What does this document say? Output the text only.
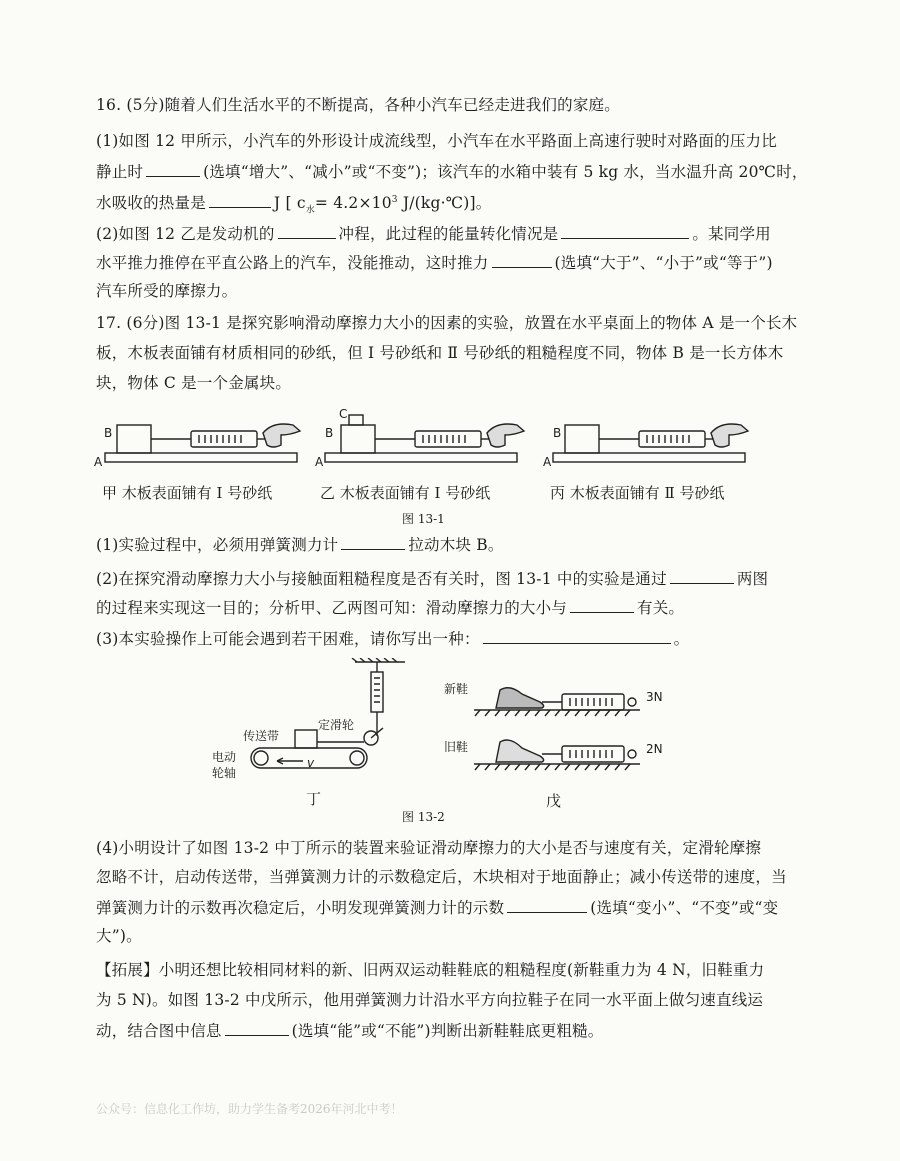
16. (5分)随着人们生活水平的不断提高，各种小汽车已经走进我们的家庭。
(1)如图 12 甲所示，小汽车的外形设计成流线型，小汽车在水平路面上高速行驶时对路面的压力比
静止时	(选填“增大”、“减小”或“不变”)；该汽车的水箱中装有 5 kg 水，当水温升高 20℃时，
水吸收的热量是	J [ $c_水= 4.2\times 10^3$ J/(kg·℃)]。
(2)如图 12 乙是发动机的	冲程，此过程的能量转化情况是	。某同学用
水平推力推停在平直公路上的汽车，没能推动，这时推力	(选填“大于”、“小于”或“等于”)
汽车所受的摩擦力。
17. (6分)图 13-1 是探究影响滑动摩擦力大小的因素的实验，放置在水平桌面上的物体 A 是一个长木
板，木板表面铺有材质相同的砂纸，但 Ⅰ 号砂纸和 Ⅱ 号砂纸的粗糙程度不同，物体 B 是一长方体木
块，物体 C 是一个金属块。
A
B
A
B
C
A
B
甲 木板表面铺有 Ⅰ 号砂纸	乙 木板表面铺有 Ⅰ 号砂纸	丙 木板表面铺有 Ⅱ 号砂纸
图 13-1
(1)实验过程中，必须用弹簧测力计	拉动木块 B。
(2)在探究滑动摩擦力大小与接触面粗糙程度是否有关时，图 13-1 中的实验是通过	两图
的过程来实现这一目的；分析甲、乙两图可知：滑动摩擦力的大小与	有关。
(3)本实验操作上可能会遇到若干困难，请你写出一种：	。
传送带
定滑轮
电动
轮轴
v
丁
新鞋
旧鞋
3N
2N
戊
图 13-2
(4)小明设计了如图 13-2 中丁所示的装置来验证滑动摩擦力的大小是否与速度有关，定滑轮摩擦
忽略不计，启动传送带，当弹簧测力计的示数稳定后，木块相对于地面静止；减小传送带的速度，当
弹簧测力计的示数再次稳定后，小明发现弹簧测力计的示数	(选填“变小”、“不变”或“变
大”)。
【拓展】小明还想比较相同材料的新、旧两双运动鞋鞋底的粗糙程度(新鞋重力为 4 N，旧鞋重力
为 5 N)。如图 13-2 中戊所示，他用弹簧测力计沿水平方向拉鞋子在同一水平面上做匀速直线运
动，结合图中信息	(选填“能”或“不能”)判断出新鞋鞋底更粗糙。
公众号：信息化工作坊，助力学生备考2026年河北中考！
